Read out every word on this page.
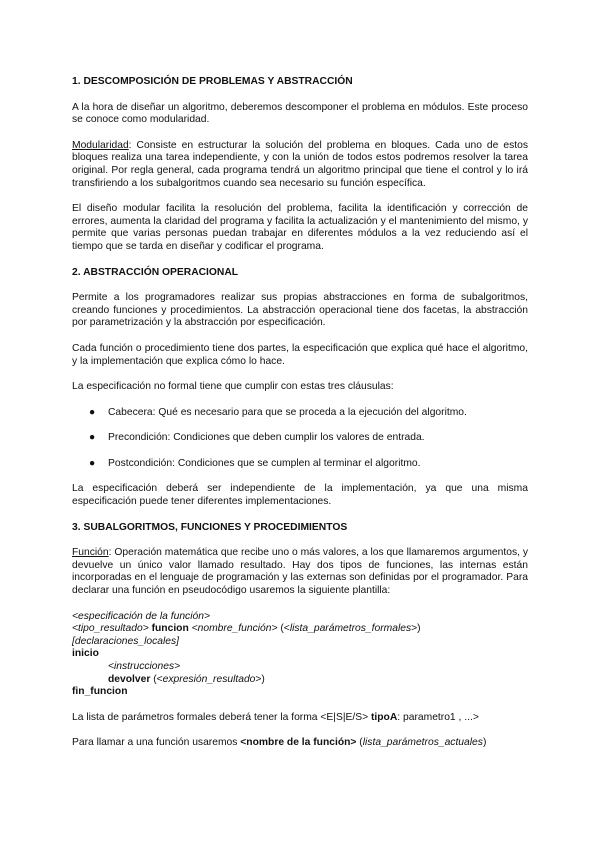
1. DESCOMPOSICIÓN DE PROBLEMAS Y ABSTRACCIÓN

A la hora de diseñar un algoritmo, deberemos descomponer el problema en módulos. Este proceso se conoce como modularidad.

Modularidad: Consiste en estructurar la solución del problema en bloques. Cada uno de estos bloques realiza una tarea independiente, y con la unión de todos estos podremos resolver la tarea original. Por regla general, cada programa tendrá un algoritmo principal que tiene el control y lo irá transfiriendo a los subalgoritmos cuando sea necesario su función específica.

El diseño modular facilita la resolución del problema, facilita la identificación y corrección de errores, aumenta la claridad del programa y facilita la actualización y el mantenimiento del mismo, y permite que varias personas puedan trabajar en diferentes módulos a la vez reduciendo así el tiempo que se tarda en diseñar y codificar el programa.

2. ABSTRACCIÓN OPERACIONAL

Permite a los programadores realizar sus propias abstracciones en forma de subalgoritmos, creando funciones y procedimientos. La abstracción operacional tiene dos facetas, la abstracción por parametrización y la abstracción por especificación.

Cada función o procedimiento tiene dos partes, la especificación que explica qué hace el algoritmo, y la implementación que explica cómo lo hace.

La especificación no formal tiene que cumplir con estas tres cláusulas:

● Cabecera: Qué es necesario para que se proceda a la ejecución del algoritmo.
● Precondición: Condiciones que deben cumplir los valores de entrada.
● Postcondición: Condiciones que se cumplen al terminar el algoritmo.

La especificación deberá ser independiente de la implementación, ya que una misma especificación puede tener diferentes implementaciones.

3. SUBALGORITMOS, FUNCIONES Y PROCEDIMIENTOS

Función: Operación matemática que recibe uno o más valores, a los que llamaremos argumentos, y devuelve un único valor llamado resultado. Hay dos tipos de funciones, las internas están incorporadas en el lenguaje de programación y las externas son definidas por el programador. Para declarar una función en pseudocódigo usaremos la siguiente plantilla:

<especificación de la función>
<tipo_resultado> funcion <nombre_función> (<lista_parámetros_formales>)
[declaraciones_locales]
inicio
<instrucciones>
devolver (<expresión_resultado>)
fin_funcion

La lista de parámetros formales deberá tener la forma <E|S|E/S> tipoA: parametro1 , ...>

Para llamar a una función usaremos <nombre de la función> (lista_parámetros_actuales)
